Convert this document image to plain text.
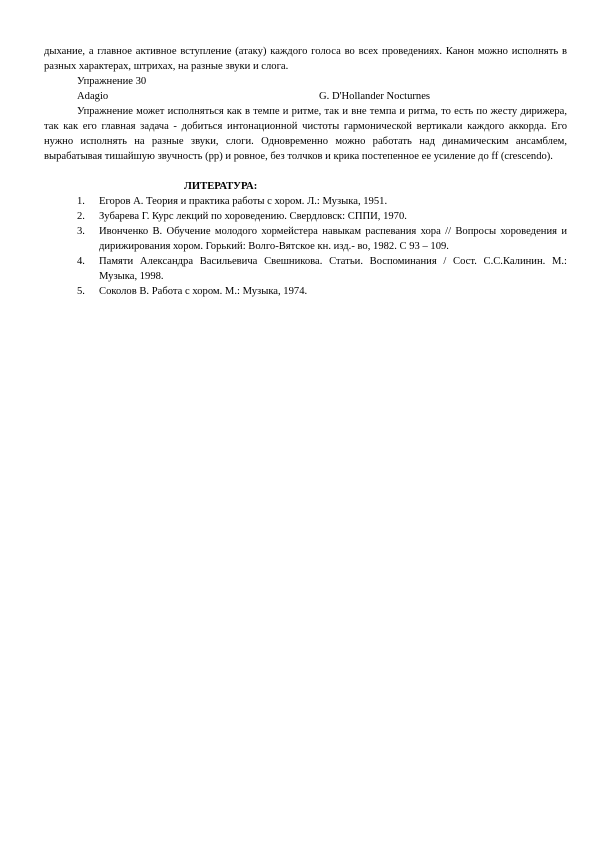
дыхание, а главное активное вступление (атаку) каждого голоса во всех проведениях. Канон можно исполнять в разных характерах, штрихах, на разные звуки и слога.

Упражнение 30
Adagio	G. D'Hollander Nocturnes

Упражнение может исполняться как в темпе и ритме, так и вне темпа и ритма, то есть по жесту дирижера, так как его главная задача - добиться интонационной чистоты гармонической вертикали каждого аккорда. Его нужно исполнять на разные звуки, слоги. Одновременно можно работать над динамическим ансамблем, вырабатывая тишайшую звучность (pp) и ровное, без толчков и крика постепенное ее усиление до ff (crescendo).

ЛИТЕРАТУРА:
1. Егоров А. Теория и практика работы с хором. Л.: Музыка, 1951.
2. Зубарева Г. Курс лекций по хороведению. Свердловск: СППИ, 1970.
3. Ивонченко В. Обучение молодого хормейстера навыкам распевания хора // Вопросы хороведения и дирижирования хором. Горький: Волго-Вятское кн. изд.- во, 1982. С 93 – 109.
4. Памяти Александра Васильевича Свешникова. Статьи. Воспоминания / Сост. С.С.Калинин. М.: Музыка, 1998.
5. Соколов В. Работа с хором. М.: Музыка, 1974.
